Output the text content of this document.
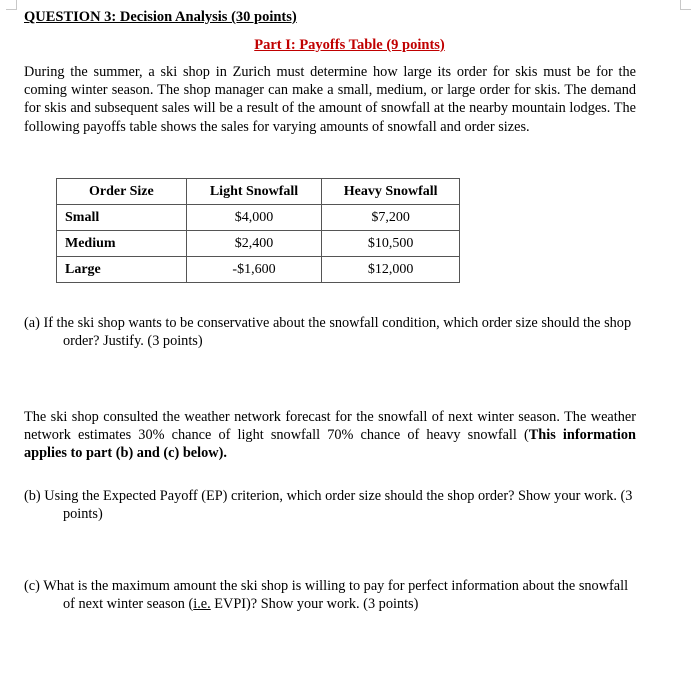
QUESTION 3: Decision Analysis (30 points)
Part I: Payoffs Table (9 points)

During the summer, a ski shop in Zurich must determine how large its order for skis must be for the coming winter season. The shop manager can make a small, medium, or large order for skis. The demand for skis and subsequent sales will be a result of the amount of snowfall at the nearby mountain lodges. The following payoffs table shows the sales for varying amounts of snowfall and order sizes.

Order Size	Light Snowfall	Heavy Snowfall
Small	$4,000	$7,200
Medium	$2,400	$10,500
Large	-$1,600	$12,000

(a) If the ski shop wants to be conservative about the snowfall condition, which order size should the shop order? Justify. (3 points)

The ski shop consulted the weather network forecast for the snowfall of next winter season. The weather network estimates 30% chance of light snowfall 70% chance of heavy snowfall (This information applies to part (b) and (c) below).

(b) Using the Expected Payoff (EP) criterion, which order size should the shop order? Show your work. (3 points)

(c) What is the maximum amount the ski shop is willing to pay for perfect information about the snowfall of next winter season (i.e. EVPI)? Show your work. (3 points)
